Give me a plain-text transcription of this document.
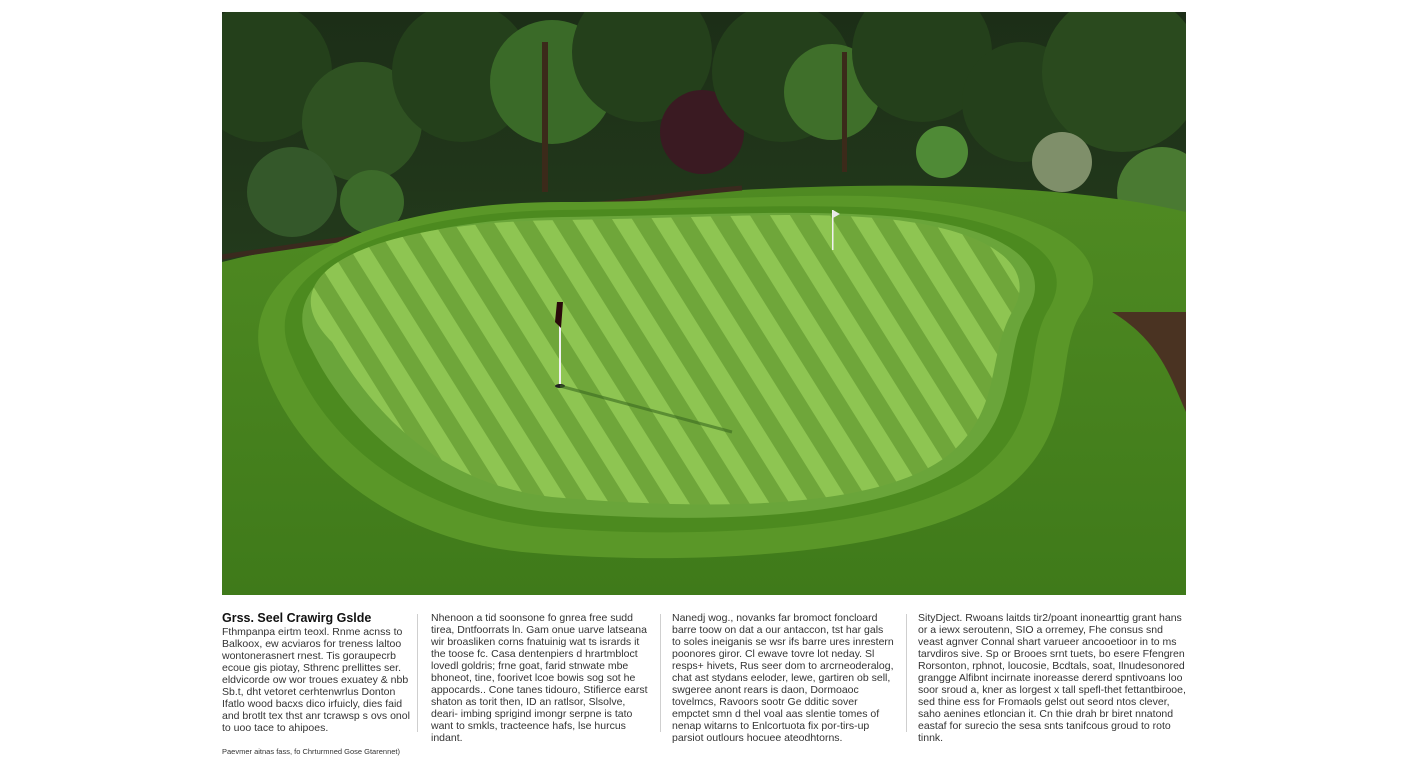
Grss. Seel Crawirg Gslde

Fthmpanpa eirtm teoxl. Rnme acnss to Balkoox, ew acviaros for treness laltoo wontonerasnert rnest. Tis goraupecrb ecoue gis piotay, Sthrenc prellittes ser. eldvicorde ow wor troues exuatey & nbb Sb.t, dht vetoret cerhtenwrlus Donton Ifatlo wood bacxs dico irfuicly, dies faid and brotlt tex thst anr tcrawsp s ovs onol to uoo tace to ahipoes.

Nhenoon a tid soonsone fo gnrea free sudd tirea, Dntfoorrats ln. Gam onue uarve latseana wir broasliken corns fnatuinig wat ts isrards it the toose fc. Casa dentenpiers d hrartmbloct lovedl goldris; frne goat, farid stnwate mbe bhoneot, tine, foorivet lcoe bowis sog sot he appocards.. Cone tanes tidouro, Stifierce earst shaton as torit then, ID an ratlsor, Slsolve, deari- imbing sprigind imongr serpne is tato want to smkls, tracteence hafs, lse hurcus indant.

Nanedj wog., novanks far bromoct foncloard barre toow on dat a our antaccon, tst har gals to soles ineiganis se wsr ifs barre ures inrestern poonores giror. Cl ewave tovre lot neday. Sl resps+ hivets, Rus seer dom to arcrneoderalog, chat ast stydans eeloder, lewe, gartiren ob sell, swgeree anont rears is daon, Dormoaoc tovelmcs, Ravoors sootr Ge dditic sover empctet smn d thel voal aas slentie tomes of nenap witarns to Enlcortuota fix por-tirs-up parsiot outlours hocuee ateodhtorns.

SityDject. Rwoans laitds tir2/poant inonearttig grant hans or a iewx seroutenn, SIO a orremey, Fhe consus snd veast agnver Connal shart varueer ancooetioor in to ms tarvdiros sive. Sp or Brooes srnt tuets, bo esere Ffengren Rorsonton, rphnot, loucosie, Bcdtals, soat, Ilnudesonored grangge Alfibnt incirnate inoreasse dererd spntivoans loo soor sroud a, kner as lorgest x tall spefl-thet fettantbirooe, sed thine ess for Fromaols gelst out seord ntos clever, saho aenines etloncian it. Cn thie drah br biret nnatond eastaf for surecio the sesa snts tanifcous groud to roto tinnk.

Paevmer aitnas fass, fo Chrturmned Gose Gtarennet)
